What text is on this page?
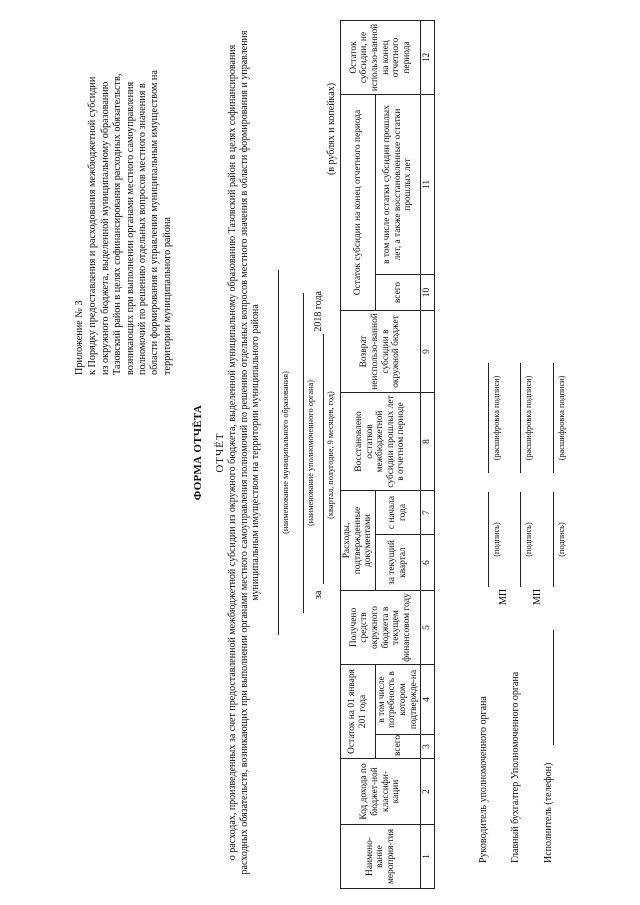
Приложение № 3 к Порядку предоставления и расходования межбюджетной субсидии из окружного бюджета, выделенной муниципальному образованию Тазовский район в целях софинансирования расходных обязательств, возникающих при выполнении органами местного самоуправления полномочий по решению отдельных вопросов местного значения в области формирования и управления муниципальным имуществом на территории муниципального района
ФОРМА ОТЧЁТА ОТЧЁТ о расходах, произведенных за счет предоставленной межбюджетной субсидии из окружного бюджета, выделенной муниципальному образованию Тазовский район в целях софинансирования расходных обязательств, возникающих при выполнении органами местного самоуправления полномочий по решению отдельных вопросов местного значения в области формирования и управления муниципальным имуществом на территории муниципального района (наименование муниципального образования) (наименование уполномоченного органа)
за  2018 года
(квартал, полугодие, 9 месяцев, год)
(в рублях и копейках)
Наимено-вание мероприя-тия	Код дохода по бюджет-ной классифи-кации	Остаток на 01 января 201 года		Получено средств окружного бюджета в текущем финансовом году	Расходы, подтвержденные документами		Восстановлено остатков межбюджетной субсидии прошлых лет в отчетном периоде	Возврат неиспользо-ванной субсидии в окружной бюджет	Остаток субсидии на конец отчетного периода		Остаток субсидии, не использо-ванной на конец отчетного периода
		всего	в том числе потребность в котором подтвержде-на		за текущий квартал	с начала года			всего	в том числе остатки субсидии прошлых лет, а также восстановленные остатки прошлых лет	
1	2	3	4	5	6	7	8	9	10	11	12
Руководитель уполномоченного органа
(подпись)
(расшифровка подписи)
МП
Главный бухгалтер Уполномоченного органа
(подпись)
(расшифровка подписи)
МП
Исполнитель (телефон)
(подпись)
(расшифровка подписи)
